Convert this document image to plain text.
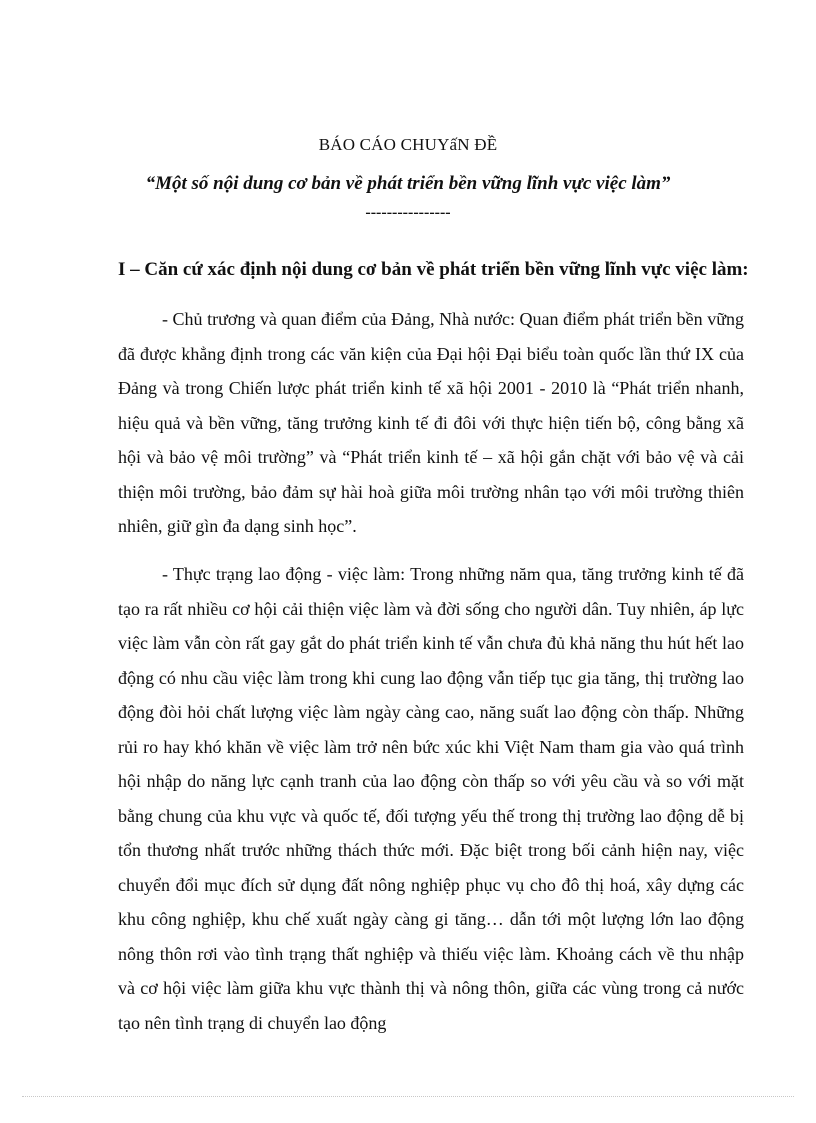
BÁO CÁO CHUYấN ĐỀ

“Một số nội dung cơ bản về phát triển bền vững lĩnh vực việc làm”

----------------

I – Căn cứ xác định nội dung cơ bản về phát triển bền vững lĩnh vực việc làm:

- Chủ trương và quan điểm của Đảng, Nhà nước: Quan điểm phát triển bền vững đã được khẳng định trong các văn kiện của Đại hội Đại biểu toàn quốc lần thứ IX của Đảng và trong Chiến lược phát triển kinh tế xã hội 2001 - 2010 là “Phát triển nhanh, hiệu quả và bền vững, tăng trưởng kinh tế đi đôi với thực hiện tiến bộ, công bằng xã hội và bảo vệ môi trường” và “Phát triển kinh tế – xã hội gắn chặt với bảo vệ và cải thiện môi trường, bảo đảm sự hài hoà giữa môi trường nhân tạo với môi trường thiên nhiên, giữ gìn đa dạng sinh học”.

- Thực trạng lao động - việc làm: Trong những năm qua, tăng trưởng kinh tế đã tạo ra rất nhiều cơ hội cải thiện việc làm và đời sống cho người dân. Tuy nhiên, áp lực việc làm vẫn còn rất gay gắt do phát triển kinh tế vẫn chưa đủ khả năng thu hút hết lao động có nhu cầu việc làm trong khi cung lao động vẫn tiếp tục gia tăng, thị trường lao động đòi hỏi chất lượng việc làm ngày càng cao, năng suất lao động còn thấp. Những rủi ro hay khó khăn về việc làm trở nên bức xúc khi Việt Nam tham gia vào quá trình hội nhập do năng lực cạnh tranh của lao động còn thấp so với yêu cầu và so với mặt bằng chung của khu vực và quốc tế, đối tượng yếu thế trong thị trường lao động dễ bị tổn thương nhất trước những thách thức mới. Đặc biệt trong bối cảnh hiện nay, việc chuyển đổi mục đích sử dụng đất nông nghiệp phục vụ cho đô thị hoá, xây dựng các khu công nghiệp, khu chế xuất ngày càng gi tăng… dẫn tới một lượng lớn lao động nông thôn rơi vào tình trạng thất nghiệp và thiếu việc làm. Khoảng cách về thu nhập và cơ hội việc làm giữa khu vực thành thị và nông thôn, giữa các vùng trong cả nước tạo nên tình trạng di chuyển lao động
